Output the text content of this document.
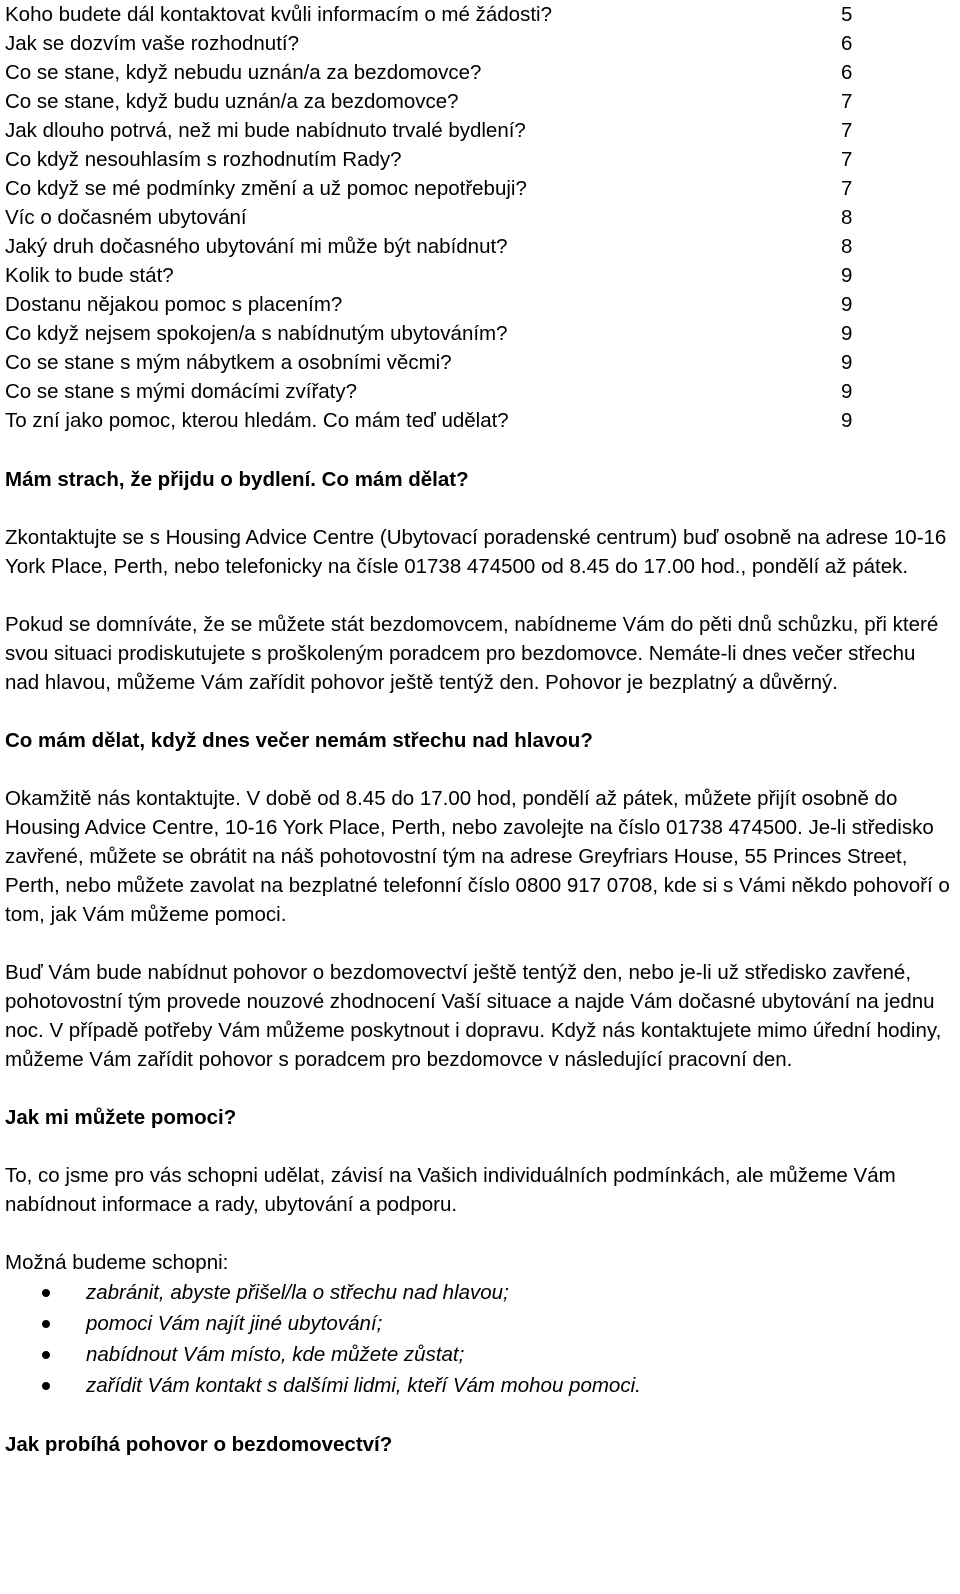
Koho budete dál kontaktovat kvůli informacím o mé žádosti?	5
Jak se dozvím vaše rozhodnutí?	6
Co se stane, když nebudu uznán/a za bezdomovce?	6
Co se stane, když budu uznán/a za bezdomovce?	7
Jak dlouho potrvá, než mi bude nabídnuto trvalé bydlení?	7
Co když nesouhlasím s rozhodnutím Rady?	7
Co když se mé podmínky změní a už pomoc nepotřebuji?	7
Víc o dočasném ubytování	8
Jaký druh dočasného ubytování mi může být nabídnut?	8
Kolik to bude stát?	9
Dostanu nějakou pomoc s placením?	9
Co když nejsem spokojen/a s nabídnutým ubytováním?	9
Co se stane s mým nábytkem a osobními věcmi?	9
Co se stane s mými domácími zvířaty?	9
To zní jako pomoc, kterou hledám. Co mám teď udělat?	9
Mám strach, že přijdu o bydlení. Co mám dělat?

Zkontaktujte se s Housing Advice Centre (Ubytovací poradenské centrum) buď osobně na adrese 10-16 York Place, Perth, nebo telefonicky na čísle 01738 474500 od 8.45 do 17.00 hod., pondělí až pátek.

Pokud se domníváte, že se můžete stát bezdomovcem, nabídneme Vám do pěti dnů schůzku, při které svou situaci prodiskutujete s proškoleným poradcem pro bezdomovce. Nemáte-li dnes večer střechu nad hlavou, můžeme Vám zařídit pohovor ještě tentýž den. Pohovor je bezplatný a důvěrný.

Co mám dělat, když dnes večer nemám střechu nad hlavou?

Okamžitě nás kontaktujte. V době od 8.45 do 17.00 hod, pondělí až pátek, můžete přijít osobně do Housing Advice Centre, 10-16 York Place, Perth, nebo zavolejte na číslo 01738 474500. Je-li středisko zavřené, můžete se obrátit na náš pohotovostní tým na adrese Greyfriars House, 55 Princes Street, Perth, nebo můžete zavolat na bezplatné telefonní číslo 0800 917 0708, kde si s Vámi někdo pohovoří o tom, jak Vám můžeme pomoci.

Buď Vám bude nabídnut pohovor o bezdomovectví ještě tentýž den, nebo je-li už středisko zavřené, pohotovostní tým provede nouzové zhodnocení Vaší situace a najde Vám dočasné ubytování na jednu noc. V případě potřeby Vám můžeme poskytnout i dopravu. Když nás kontaktujete mimo úřední hodiny, můžeme Vám zařídit pohovor s poradcem pro bezdomovce v následující pracovní den.

Jak mi můžete pomoci?

To, co jsme pro vás schopni udělat, závisí na Vašich individuálních podmínkách, ale můžeme Vám nabídnout informace a rady, ubytování a podporu.

Možná budeme schopni:

zabránit, abyste přišel/la o střechu nad hlavou;
pomoci Vám najít jiné ubytování;
nabídnout Vám místo, kde můžete zůstat;
zařídit Vám kontakt s dalšími lidmi, kteří Vám mohou pomoci.
Jak probíhá pohovor o bezdomovectví?
